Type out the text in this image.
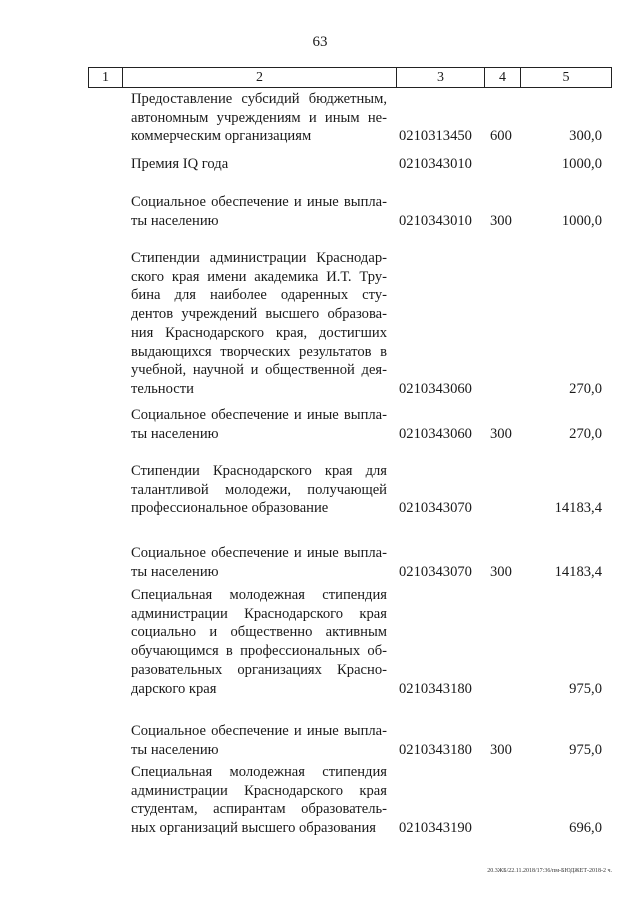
63
1	2	3	4	5
Предоставление субсидий бюджетным,
автономным учреждениям и иным не-
коммерческим организациям	0210313450 600	300,0
Премия IQ года	0210343010	1000,0
Социальное обеспечение и иные выпла-
ты населению	0210343010 300	1000,0
Стипендии администрации Краснодар-
ского края имени академика И.Т. Тру-
бина для наиболее одаренных сту-
дентов учреждений высшего образова-
ния Краснодарского края, достигших
выдающихся творческих результатов в
учебной, научной и общественной дея-
тельности	0210343060	270,0
Социальное обеспечение и иные выпла-
ты населению	0210343060 300	270,0
Стипендии Краснодарского края для
талантливой молодежи, получающей
профессиональное образование	0210343070	14183,4
Социальное обеспечение и иные выпла-
ты населению	0210343070 300	14183,4
Специальная молодежная стипендия
администрации Краснодарского края
социально и общественно активным
обучающимся в профессиональных об-
разовательных организациях Красно-
дарского края	0210343180	975,0
Социальное обеспечение и иные выпла-
ты населению	0210343180 300	975,0
Специальная молодежная стипендия
администрации Краснодарского края
студентам, аспирантам образователь-
ных организаций высшего образования	0210343190	696,0
20.3ЖБ/22.11.2018/17:36/пм-БЮДЖЕТ-2018-2 ч.
